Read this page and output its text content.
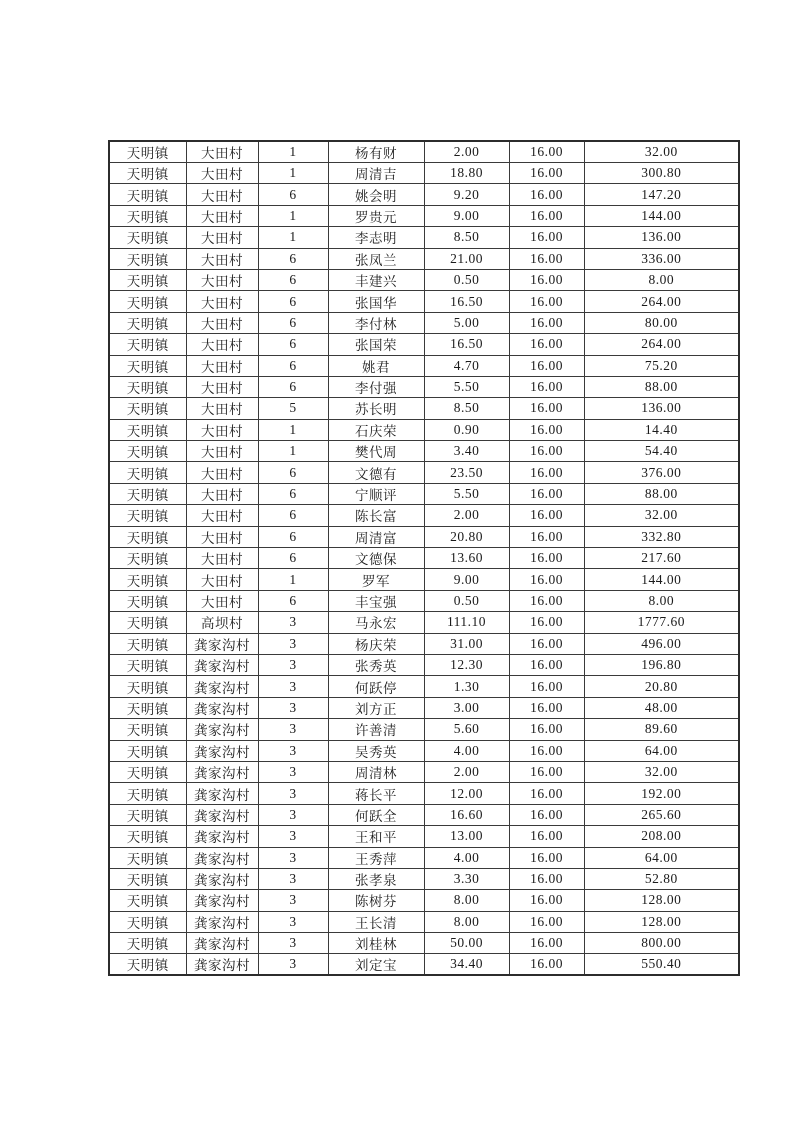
天明镇	大田村	1	杨有财	2.00	16.00	32.00
天明镇	大田村	1	周清吉	18.80	16.00	300.80
天明镇	大田村	6	姚会明	9.20	16.00	147.20
天明镇	大田村	1	罗贵元	9.00	16.00	144.00
天明镇	大田村	1	李志明	8.50	16.00	136.00
天明镇	大田村	6	张凤兰	21.00	16.00	336.00
天明镇	大田村	6	丰建兴	0.50	16.00	8.00
天明镇	大田村	6	张国华	16.50	16.00	264.00
天明镇	大田村	6	李付林	5.00	16.00	80.00
天明镇	大田村	6	张国荣	16.50	16.00	264.00
天明镇	大田村	6	姚君	4.70	16.00	75.20
天明镇	大田村	6	李付强	5.50	16.00	88.00
天明镇	大田村	5	苏长明	8.50	16.00	136.00
天明镇	大田村	1	石庆荣	0.90	16.00	14.40
天明镇	大田村	1	樊代周	3.40	16.00	54.40
天明镇	大田村	6	文德有	23.50	16.00	376.00
天明镇	大田村	6	宁顺评	5.50	16.00	88.00
天明镇	大田村	6	陈长富	2.00	16.00	32.00
天明镇	大田村	6	周清富	20.80	16.00	332.80
天明镇	大田村	6	文德保	13.60	16.00	217.60
天明镇	大田村	1	罗军	9.00	16.00	144.00
天明镇	大田村	6	丰宝强	0.50	16.00	8.00
天明镇	高坝村	3	马永宏	111.10	16.00	1777.60
天明镇	龚家沟村	3	杨庆荣	31.00	16.00	496.00
天明镇	龚家沟村	3	张秀英	12.30	16.00	196.80
天明镇	龚家沟村	3	何跃停	1.30	16.00	20.80
天明镇	龚家沟村	3	刘方正	3.00	16.00	48.00
天明镇	龚家沟村	3	许善清	5.60	16.00	89.60
天明镇	龚家沟村	3	吴秀英	4.00	16.00	64.00
天明镇	龚家沟村	3	周清林	2.00	16.00	32.00
天明镇	龚家沟村	3	蒋长平	12.00	16.00	192.00
天明镇	龚家沟村	3	何跃全	16.60	16.00	265.60
天明镇	龚家沟村	3	王和平	13.00	16.00	208.00
天明镇	龚家沟村	3	王秀萍	4.00	16.00	64.00
天明镇	龚家沟村	3	张孝泉	3.30	16.00	52.80
天明镇	龚家沟村	3	陈树芬	8.00	16.00	128.00
天明镇	龚家沟村	3	王长清	8.00	16.00	128.00
天明镇	龚家沟村	3	刘桂林	50.00	16.00	800.00
天明镇	龚家沟村	3	刘定宝	34.40	16.00	550.40
